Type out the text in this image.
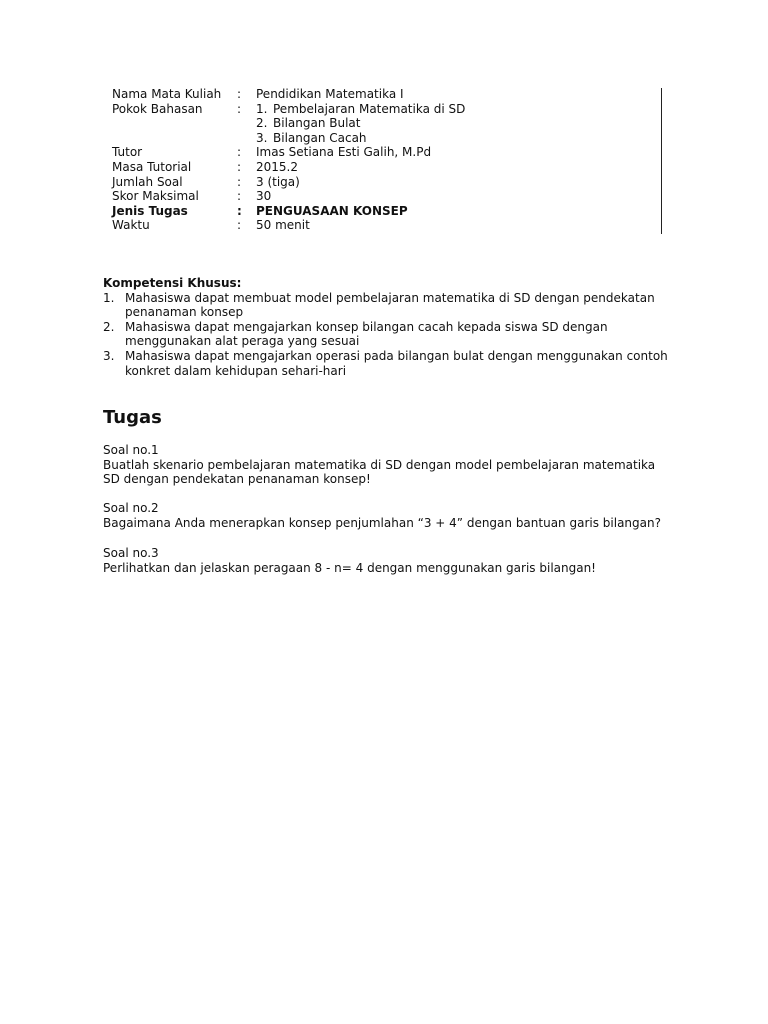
Nama Mata Kuliah	:	Pendidikan Matematika I
Pokok Bahasan	:	1. Pembelajaran Matematika di SD
2. Bilangan Bulat
3. Bilangan Cacah
Tutor	:	Imas Setiana Esti Galih, M.Pd
Masa Tutorial	:	2015.2
Jumlah Soal	:	3 (tiga)
Skor Maksimal	:	30
Jenis Tugas	:	PENGUASAAN KONSEP
Waktu	:	50 menit
Kompetensi Khusus:
1. Mahasiswa dapat membuat model pembelajaran matematika di SD dengan pendekatan penanaman konsep
2. Mahasiswa dapat mengajarkan konsep bilangan cacah kepada siswa SD dengan menggunakan alat peraga yang sesuai
3. Mahasiswa dapat mengajarkan operasi pada bilangan bulat dengan menggunakan contoh konkret dalam kehidupan sehari-hari
Tugas
Soal no.1
Buatlah skenario pembelajaran matematika di SD dengan model pembelajaran matematika SD dengan pendekatan penanaman konsep!
Soal no.2
Bagaimana Anda menerapkan konsep penjumlahan “3 + 4” dengan bantuan garis bilangan?
Soal no.3
Perlihatkan dan jelaskan peragaan 8 - n= 4 dengan menggunakan garis bilangan!
